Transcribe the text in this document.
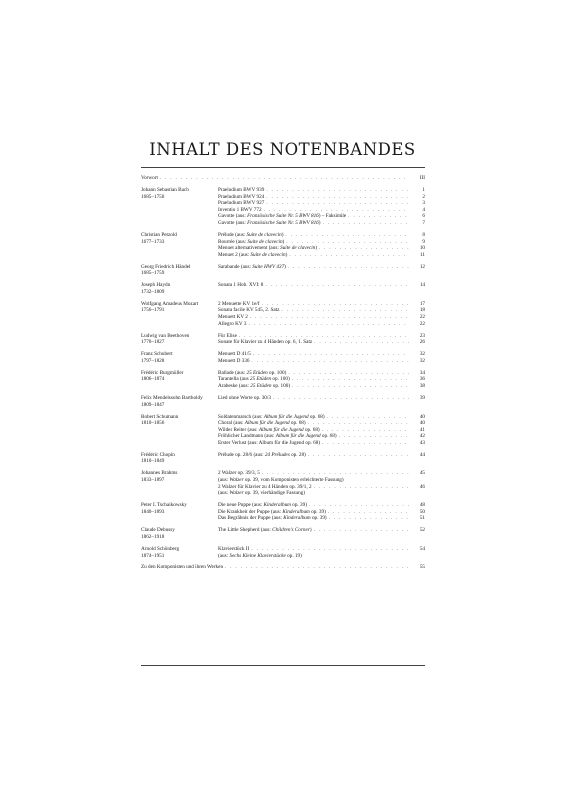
INHALT DES NOTENBANDES
Vorwort . . .	III
Johann Sebastian Bach
1685–1750
Praeludium BWV 939 . . .	1
Praeludium BWV 924 . . .	2
Praeludium BWV 927 . . .	3
Inventio 1 BWV 772 . . .	4
Gavotte (aus: Französische Suite Nr. 5 BWV 816) – Faksimile . . .	6
Gavotte (aus: Französische Suite Nr. 5 BWV 816) . . .	7
Christian Petzold
1677–1733
Prélude (aus: Suite de clavecin) . . .	8
Bourrée (aus: Suite de clavecin) . . .	9
Menuet alternativement (aus: Suite de clavecin) . . .	10
Menuet 2 (aus: Suite de clavecin) . . .	11
Georg Friedrich Händel
1685–1759
Sarabande (aus: Suite HWV 437) . . .	12
Joseph Haydn
1732–1809
Sonata 1 Hob. XVI: 8 . . .	14
Wolfgang Amadeus Mozart
1756–1791
2 Menuette KV 1e/f . . .	17
Sonata facile KV 545, 2. Satz . . .	18
Menuett KV 2 . . .	22
Allegro KV 3 . . .	22
Ludwig van Beethoven
1770–1827
Für Elise . . .	23
Sonate für Klavier zu 4 Händen op. 6, 1. Satz . . .	26
Franz Schubert
1797–1828
Menuett D 41/5 . . .	32
Menuett D 336 . . .	32
Frédéric Burgmüller
1806–1874
Ballade (aus: 25 Etüden op. 100) . . .	34
Tarantella (aus 25 Etüden op. 100) . . .	36
Arabeske (aus: 25 Etüden op. 100) . . .	38
Felix Mendelssohn Bartholdy
1809–1847
Lied ohne Worte op. 30/3 . . .	39
Robert Schumann
1810–1856
Soldatenmarsch (aus: Album für die Jugend op. 68) . . .	40
Choral (aus: Album für die Jugend op. 68) . . .	40
Wilder Reiter (aus: Album für die Jugend op. 68) . . .	41
Fröhlicher Landmann (aus: Album für die Jugend op. 68) . . .	42
Erster Verlust (aus: Album für die Jugend op. 68) . . .	43
Frédéric Chopin
1810–1849
Prélude op. 28/6 (aus: 24 Préludes op. 28) . . .	44
Johannes Brahms
1833–1897
2 Walzer op. 39/3, 5 . . .	45
(aus: Walzer op. 39, vom Komponisten erleichterte Fassung)
2 Walzer für Klavier zu 4 Händen op. 39/1, 2 . . .	46
(aus: Walzer op. 39, vierhändige Fassung)
Peter I. Tschaikowsky
1840–1893
Die neue Puppe (aus: Kinderalbum op. 39) . . .	48
Die Krankheit der Puppe (aus: Kinderalbum op. 39) . . .	50
Das Begräbnis der Puppe (aus: Kinderalbum op. 39) . . .	51
Claude Debussy
1862–1918
The Little Shepherd (aus: Children's Corner) . . .	52
Arnold Schönberg
1874–1951
Klavierstück II . . .	54
(aus: Sechs Kleine Klavierstücke op. 19)
Zu den Komponisten und ihren Werken . . .	55
